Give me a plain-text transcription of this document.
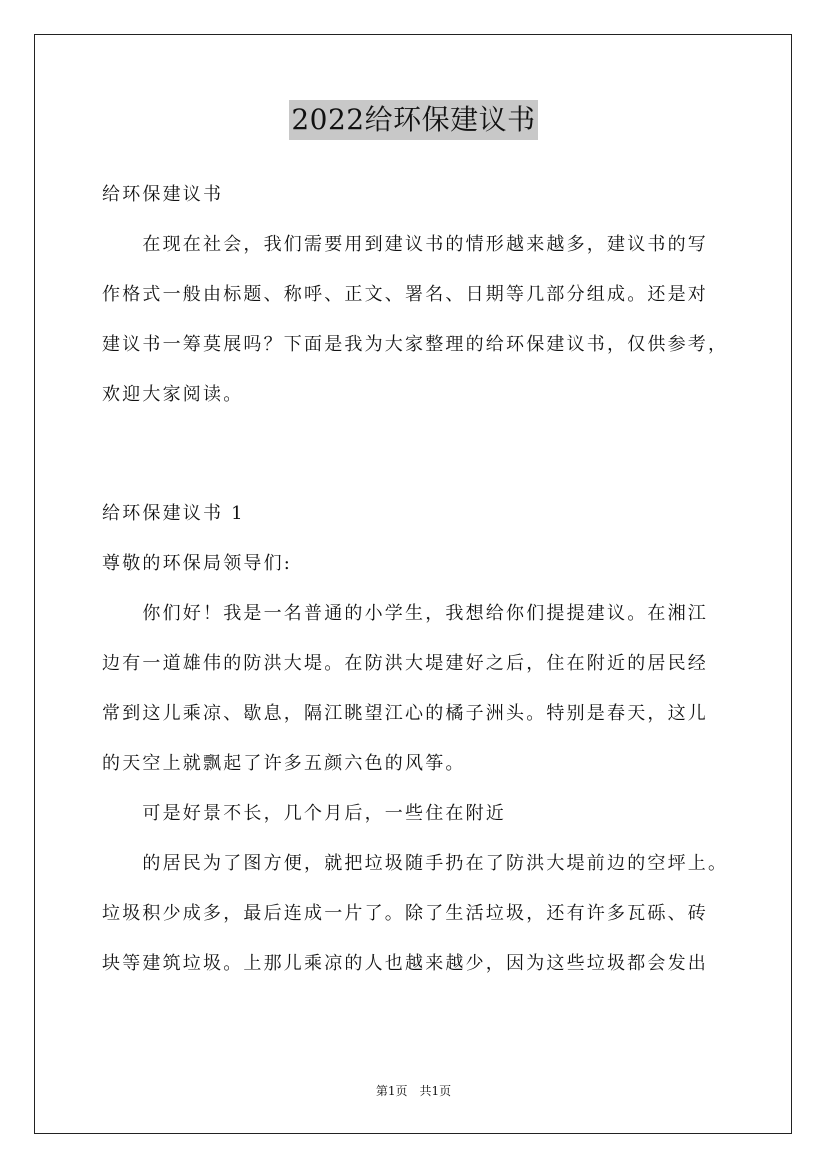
2022给环保建议书
给环保建议书
　　在现在社会，我们需要用到建议书的情形越来越多，建议书的写
作格式一般由标题、称呼、正文、署名、日期等几部分组成。还是对
建议书一筹莫展吗？下面是我为大家整理的给环保建议书，仅供参考，
欢迎大家阅读。
给环保建议书 1
尊敬的环保局领导们:
　　你们好！我是一名普通的小学生，我想给你们提提建议。在湘江
边有一道雄伟的防洪大堤。在防洪大堤建好之后，住在附近的居民经
常到这儿乘凉、歇息，隔江眺望江心的橘子洲头。特别是春天，这儿
的天空上就飘起了许多五颜六色的风筝。
　　可是好景不长，几个月后，一些住在附近
　　的居民为了图方便，就把垃圾随手扔在了防洪大堤前边的空坪上。
垃圾积少成多，最后连成一片了。除了生活垃圾，还有许多瓦砾、砖
块等建筑垃圾。上那儿乘凉的人也越来越少，因为这些垃圾都会发出
第1页　共1页
